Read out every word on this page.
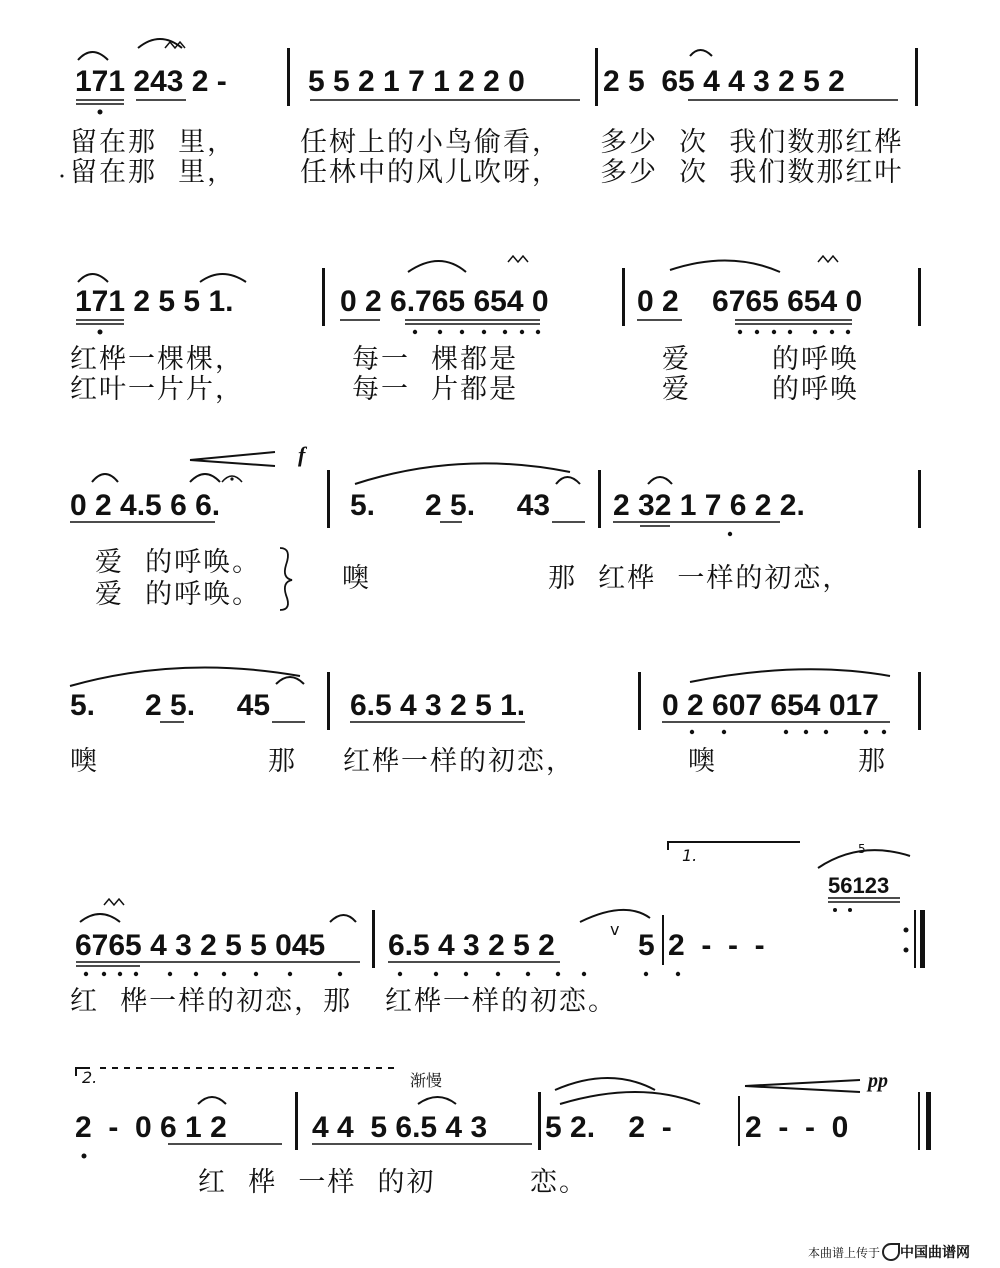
171 243 2 -	5 5 2 1 7 1 2 2 0	2 5  65 4 4 3 2 5 2
留在那  里， 任树上的小鸟偷看， 多少  次  我们数那红桦
留在那  里， 任林中的风儿吹呀， 多少  次  我们数那红叶
171 2 5 5 1.	0 2 6.765 654 0	0 2    6765 654 0
红桦一棵棵，	每一  棵都是	爱	的呼唤
红叶一片片，	每一  片都是	爱	的呼唤
f
0 2 4.5 6 6.	5.      2 5.     43 2 32 1 7 6 2 2.
爱  的呼唤。
爱  的呼唤。
噢	那  红桦  一样的初恋，
5.      2 5.     45	6.5 4 3 2 5 1.	0 2 607 654 017
噢	那 红桦一样的初恋，	噢	那
1.	5
56123
6765 4 3 2 5 5 045 6.5 4 3 2 5 2	v 5 2  -  -  -
红  桦一样的初恋，那 红桦一样的初恋。
2.	渐慢	pp
2  -  0 6 1 2	4 4  5 6.5 4 3 5 2.    2  - 2  -  -  0
红  桦  一样  的初	恋。
本曲谱上传于 中国曲谱网
